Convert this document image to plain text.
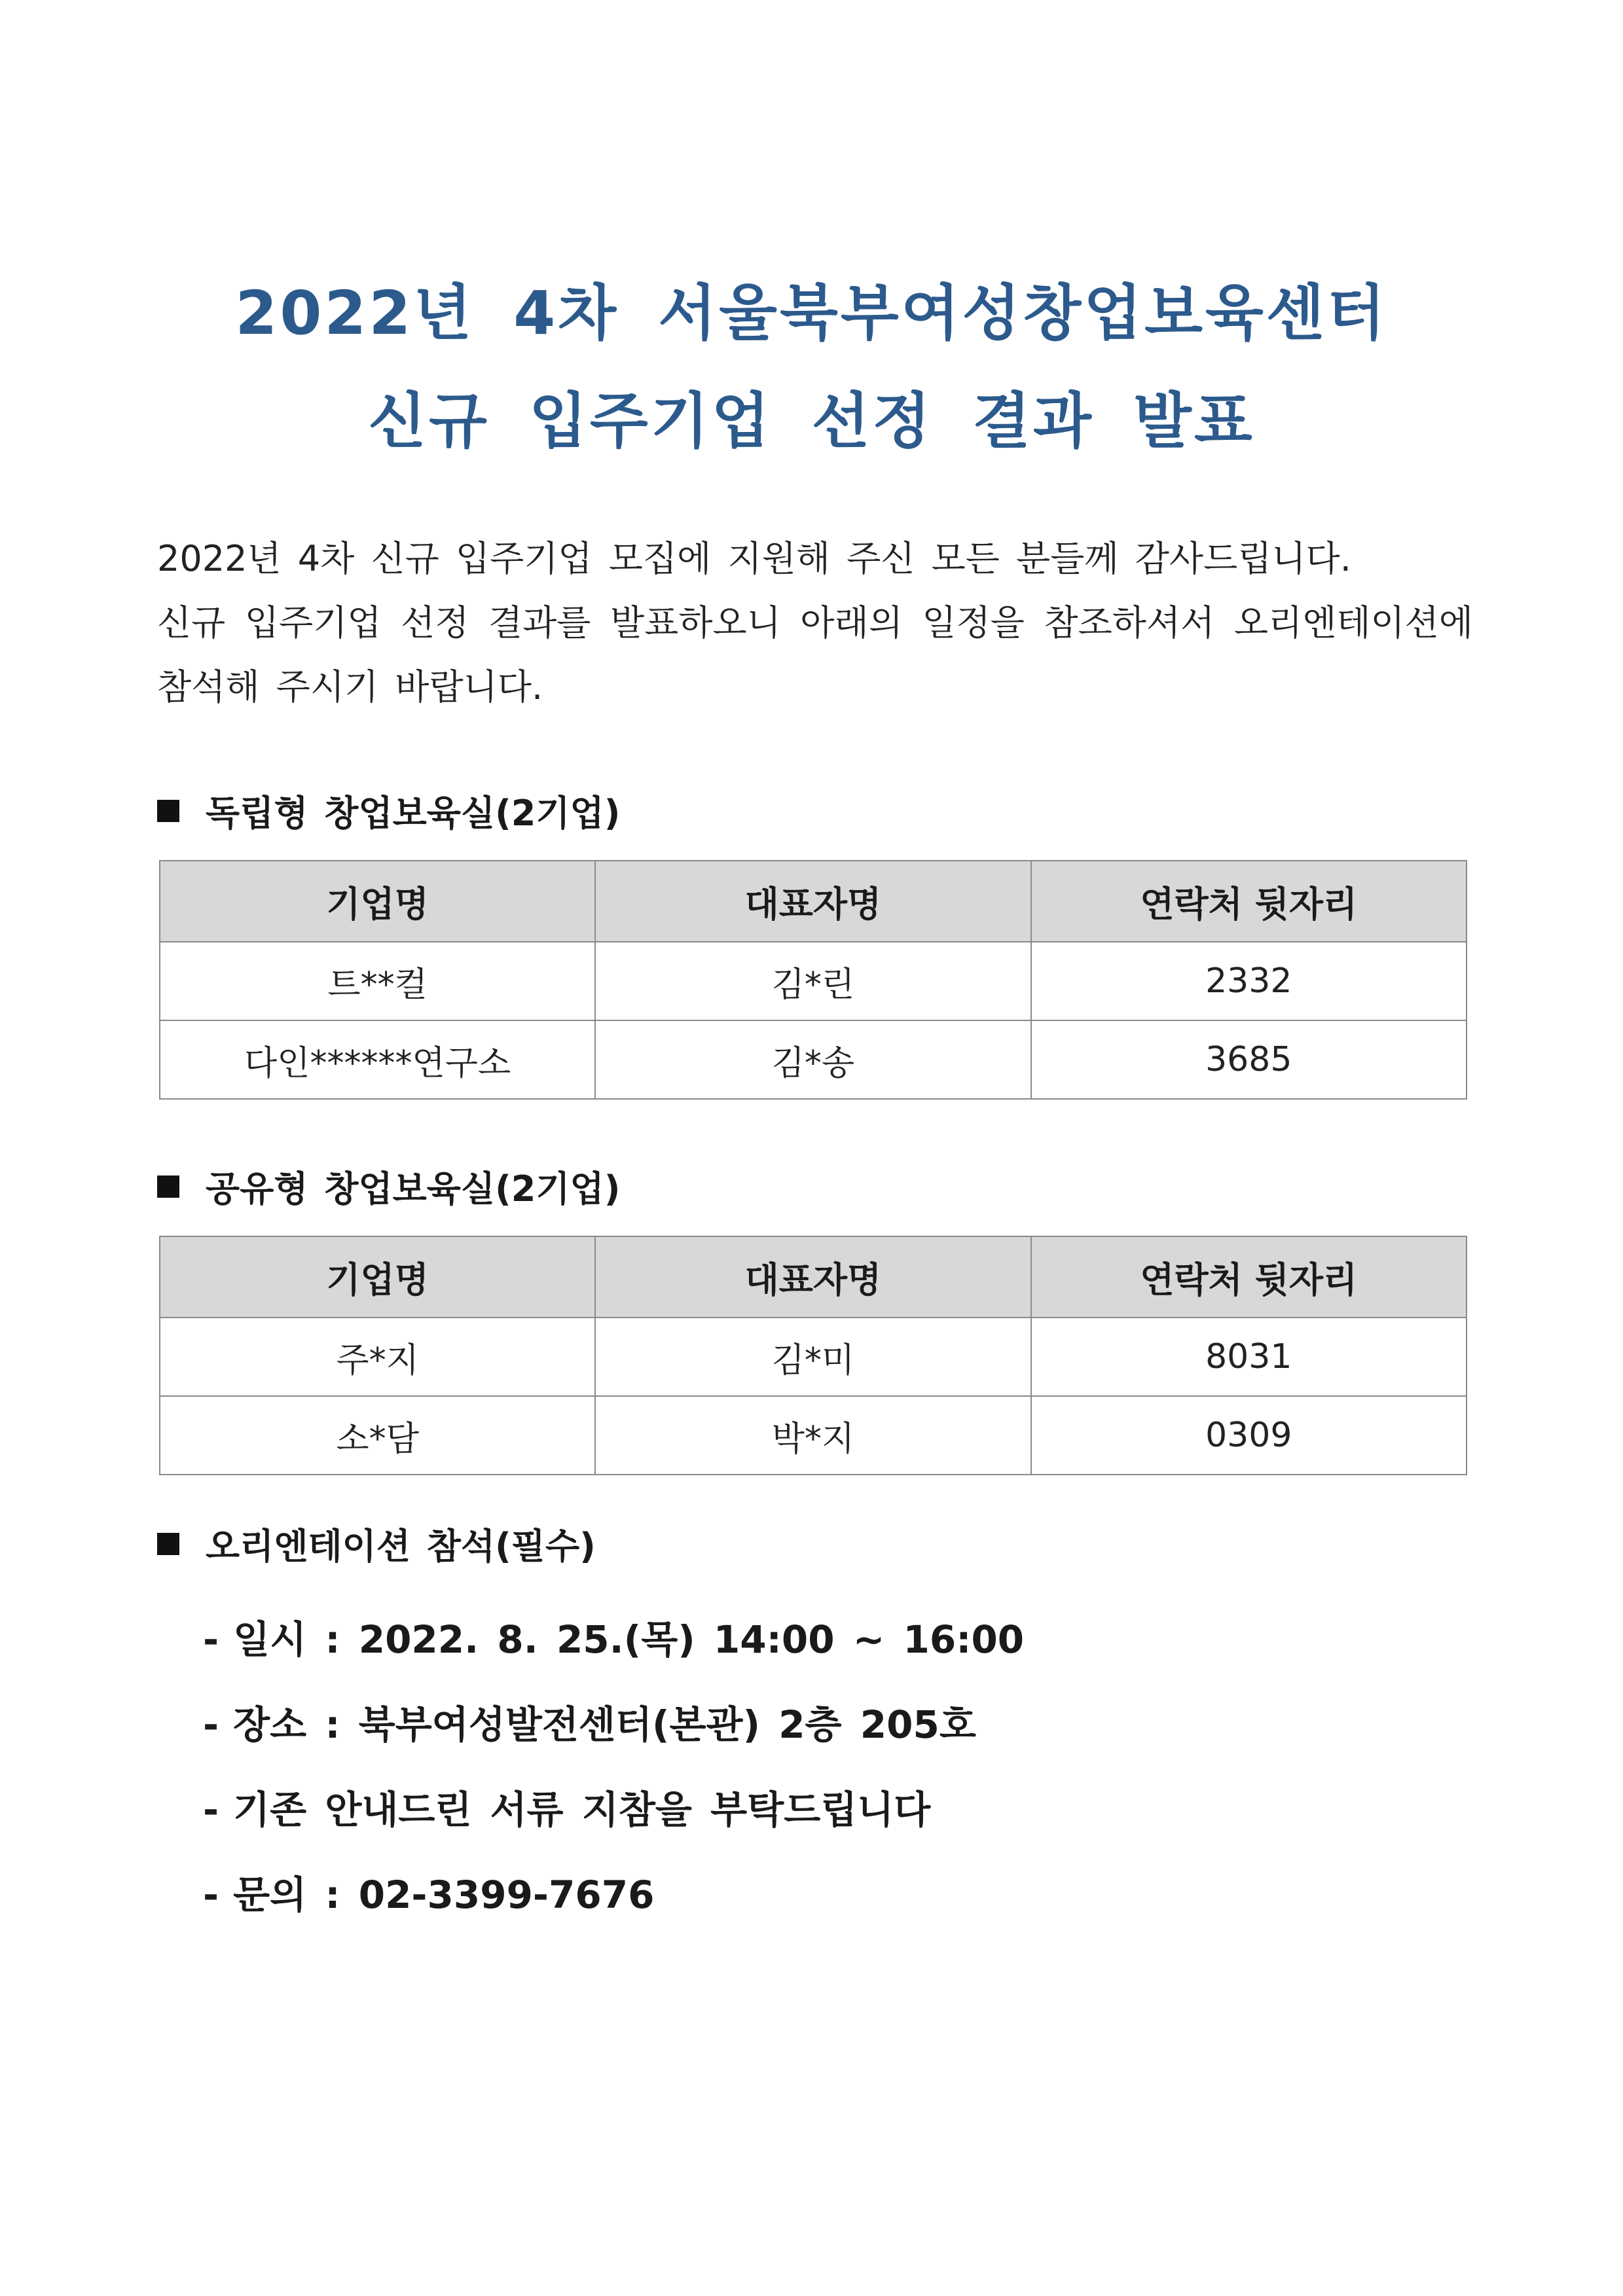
2022년 4차 서울북부여성창업보육센터
신규 입주기업 선정 결과 발표

2022년 4차 신규 입주기업 모집에 지원해 주신 모든 분들께 감사드립니다.

신규 입주기업 선정 결과를 발표하오니 아래의 일정을 참조하셔서 오리엔테이션에

참석해 주시기 바랍니다.

독립형 창업보육실(2기업)
기업명	대표자명	연락처 뒷자리
트**컬	김*린	2332
다인******연구소	김*송	3685
공유형 창업보육실(2기업)
기업명	대표자명	연락처 뒷자리
주*지	김*미	8031
소*담	박*지	0309
오리엔테이션 참석(필수)
- 일시 : 2022. 8. 25.(목) 14:00 ~ 16:00
- 장소 : 북부여성발전센터(본관) 2층 205호
- 기존 안내드린 서류 지참을 부탁드립니다
- 문의 : 02-3399-7676
